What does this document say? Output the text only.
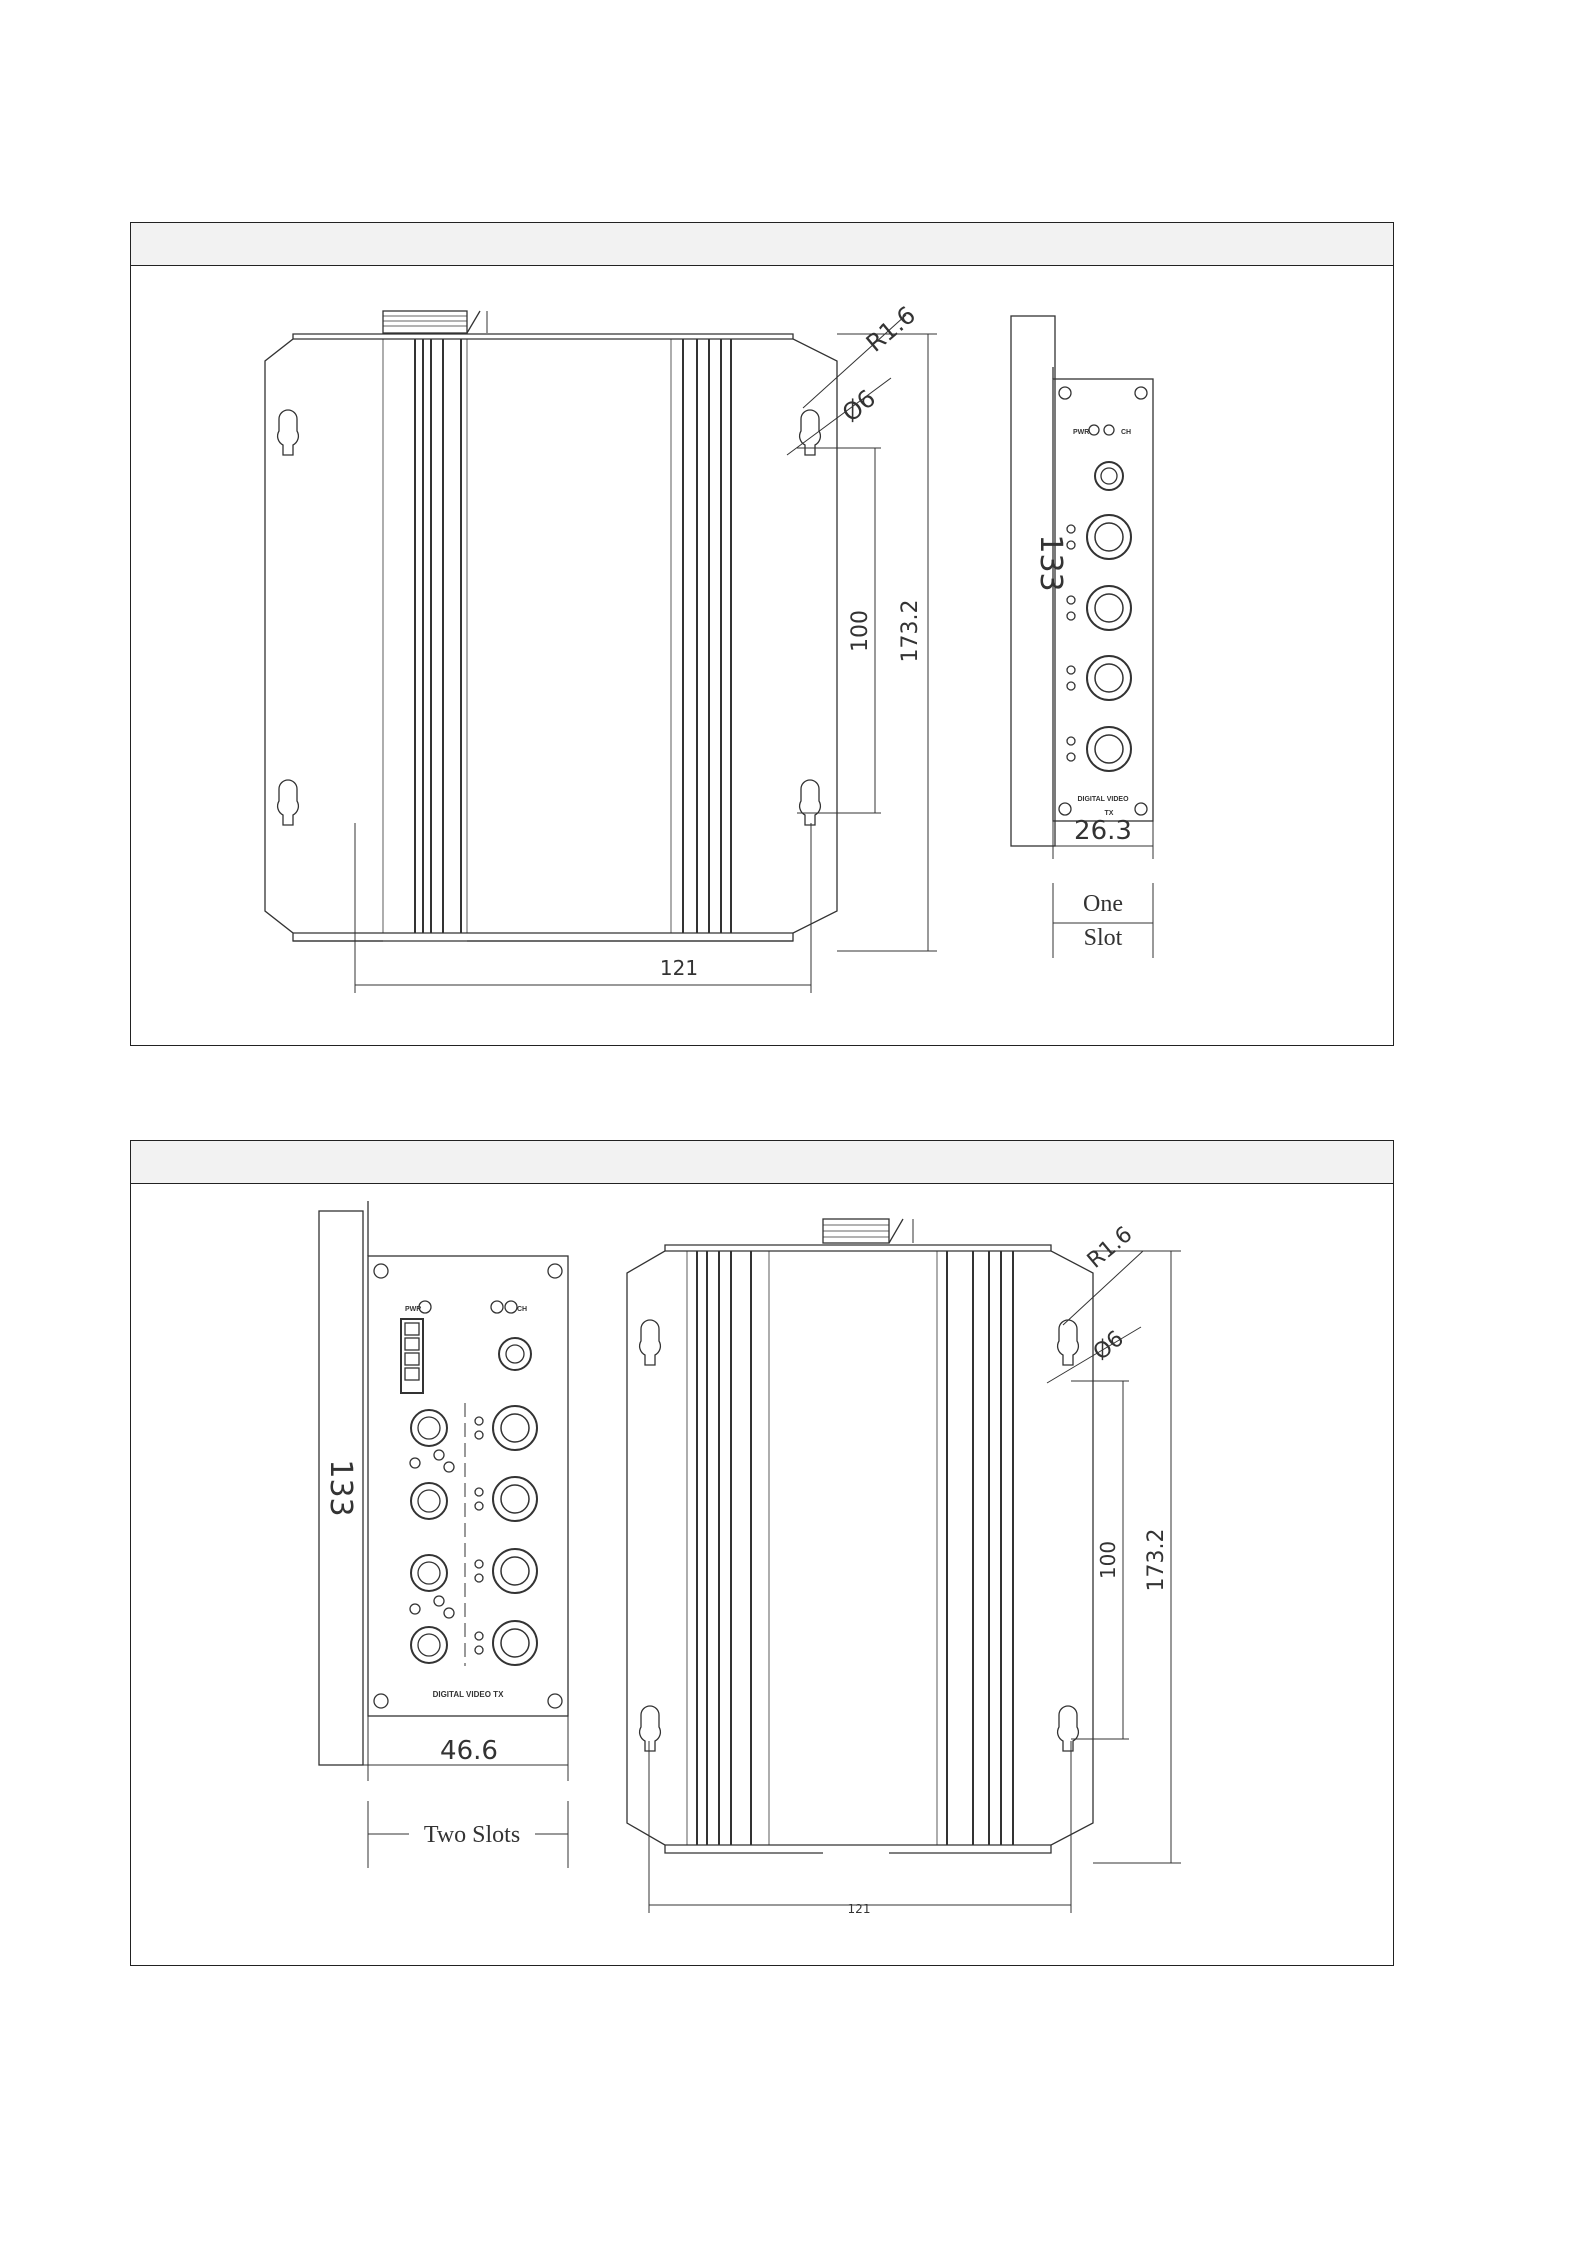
121
100 173.2
R1.6
Ø6
133
26.3
One
Slot
PWR	CH
DIGITAL VIDEO
TX
121
100 173.2
R1.6
Ø6
133
46.6
Two Slots
PWR	CH
DIGITAL VIDEO TX
